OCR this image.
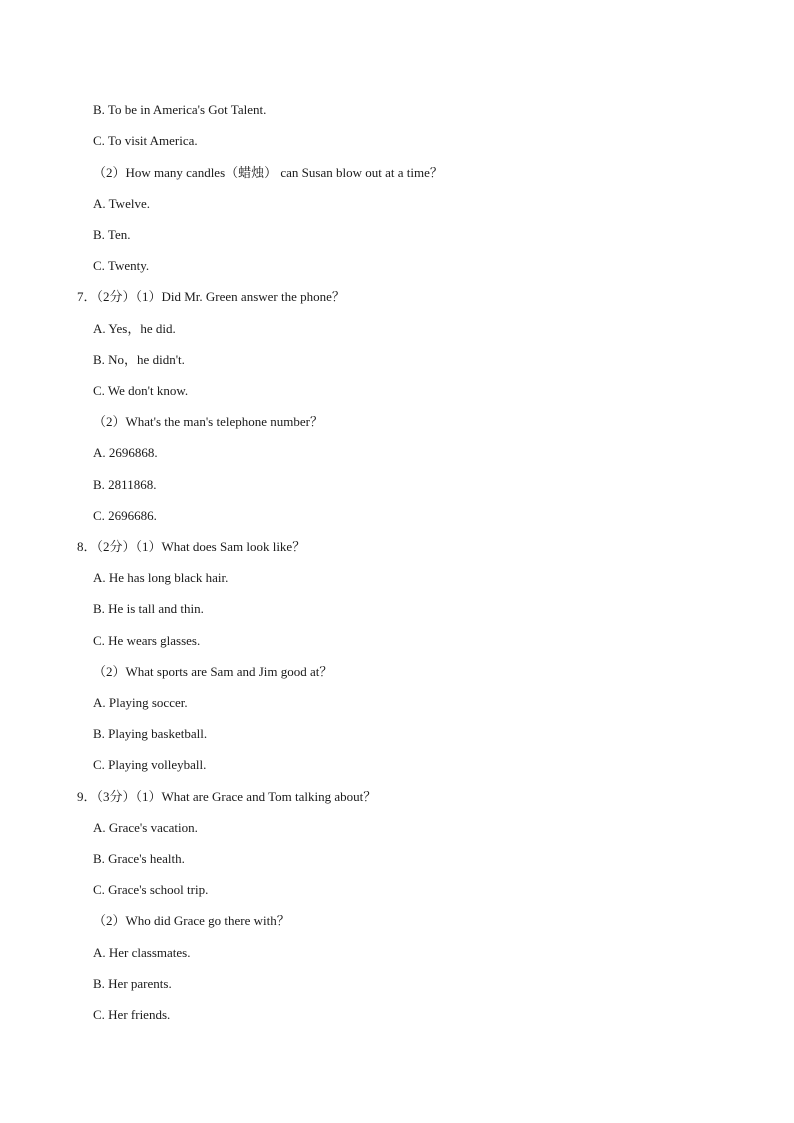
B. To be in America's Got Talent.
C. To visit America.
（2）How many candles（蜡烛） can Susan blow out at a time？
A. Twelve.
B. Ten.
C. Twenty.
7．（2分）（1）Did Mr. Green answer the phone？
A. Yes，he did.
B. No，he didn't.
C. We don't know.
（2）What's the man's telephone number？
A. 2696868.
B. 2811868.
C. 2696686.
8．（2分）（1）What does Sam look like？
A. He has long black hair.
B. He is tall and thin.
C. He wears glasses.
（2）What sports are Sam and Jim good at？
A. Playing soccer.
B. Playing basketball.
C. Playing volleyball.
9．（3分）（1）What are Grace and Tom talking about？
A. Grace's vacation.
B. Grace's health.
C. Grace's school trip.
（2）Who did Grace go there with？
A. Her classmates.
B. Her parents.
C. Her friends.
